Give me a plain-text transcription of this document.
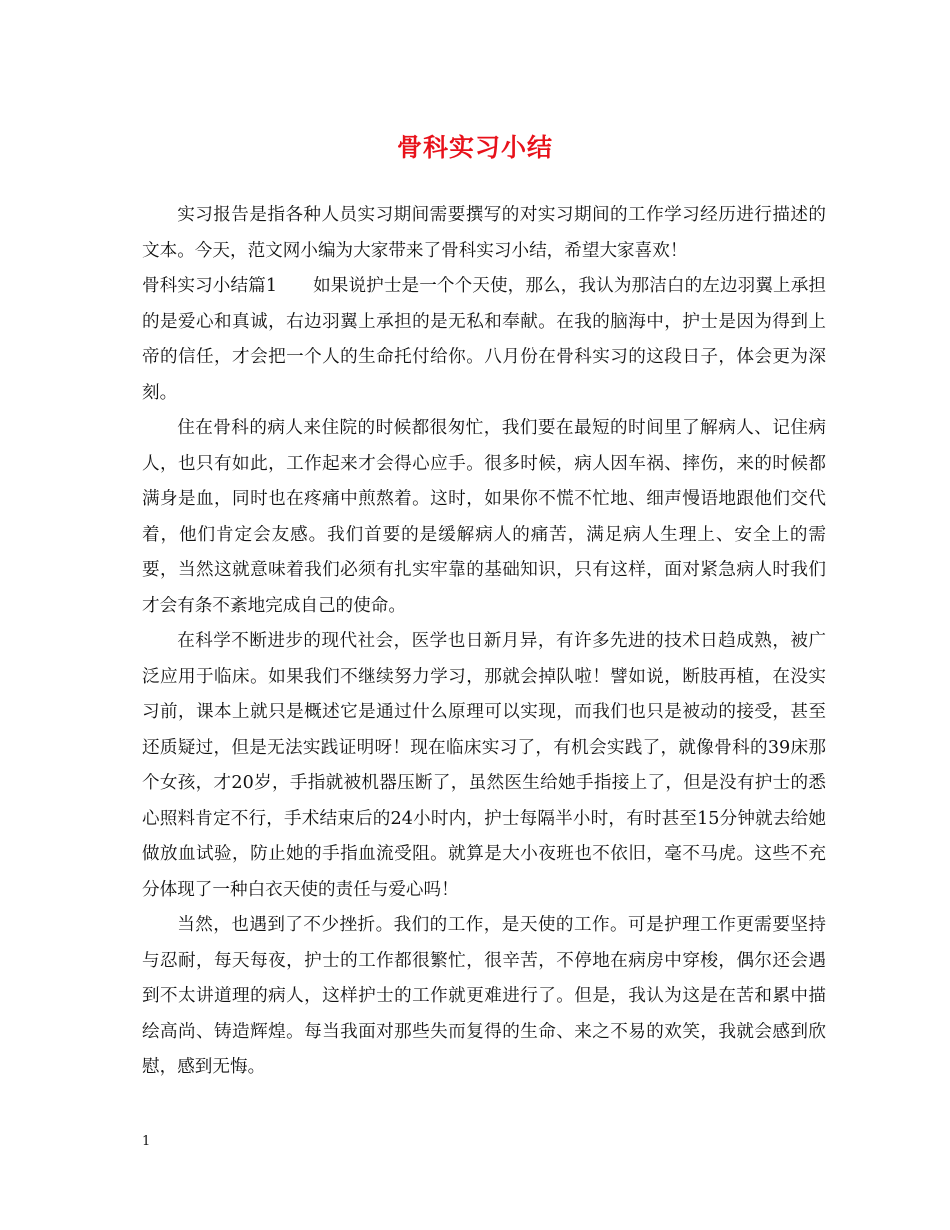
骨科实习小结

实习报告是指各种人员实习期间需要撰写的对实习期间的工作学习经历进行描述的文本。今天，范文网小编为大家带来了骨科实习小结，希望大家喜欢！

骨科实习小结篇1 如果说护士是一个个天使，那么，我认为那洁白的左边羽翼上承担的是爱心和真诚，右边羽翼上承担的是无私和奉献。在我的脑海中，护士是因为得到上帝的信任，才会把一个人的生命托付给你。八月份在骨科实习的这段日子，体会更为深刻。

住在骨科的病人来住院的时候都很匆忙，我们要在最短的时间里了解病人、记住病人，也只有如此，工作起来才会得心应手。很多时候，病人因车祸、摔伤，来的时候都满身是血，同时也在疼痛中煎熬着。这时，如果你不慌不忙地、细声慢语地跟他们交代着，他们肯定会友感。我们首要的是缓解病人的痛苦，满足病人生理上、安全上的需要，当然这就意味着我们必须有扎实牢靠的基础知识，只有这样，面对紧急病人时我们才会有条不紊地完成自己的使命。

在科学不断进步的现代社会，医学也日新月异，有许多先进的技术日趋成熟，被广泛应用于临床。如果我们不继续努力学习，那就会掉队啦！譬如说，断肢再植，在没实习前，课本上就只是概述它是通过什么原理可以实现，而我们也只是被动的接受，甚至还质疑过，但是无法实践证明呀！现在临床实习了，有机会实践了，就像骨科的39床那个女孩，才20岁，手指就被机器压断了，虽然医生给她手指接上了，但是没有护士的悉心照料肯定不行，手术结束后的24小时内，护士每隔半小时，有时甚至15分钟就去给她做放血试验，防止她的手指血流受阻。就算是大小夜班也不依旧，毫不马虎。这些不充分体现了一种白衣天使的责任与爱心吗！

当然，也遇到了不少挫折。我们的工作，是天使的工作。可是护理工作更需要坚持与忍耐，每天每夜，护士的工作都很繁忙，很辛苦，不停地在病房中穿梭，偶尔还会遇到不太讲道理的病人，这样护士的工作就更难进行了。但是，我认为这是在苦和累中描绘高尚、铸造辉煌。每当我面对那些失而复得的生命、来之不易的欢笑，我就会感到欣慰，感到无悔。

1
